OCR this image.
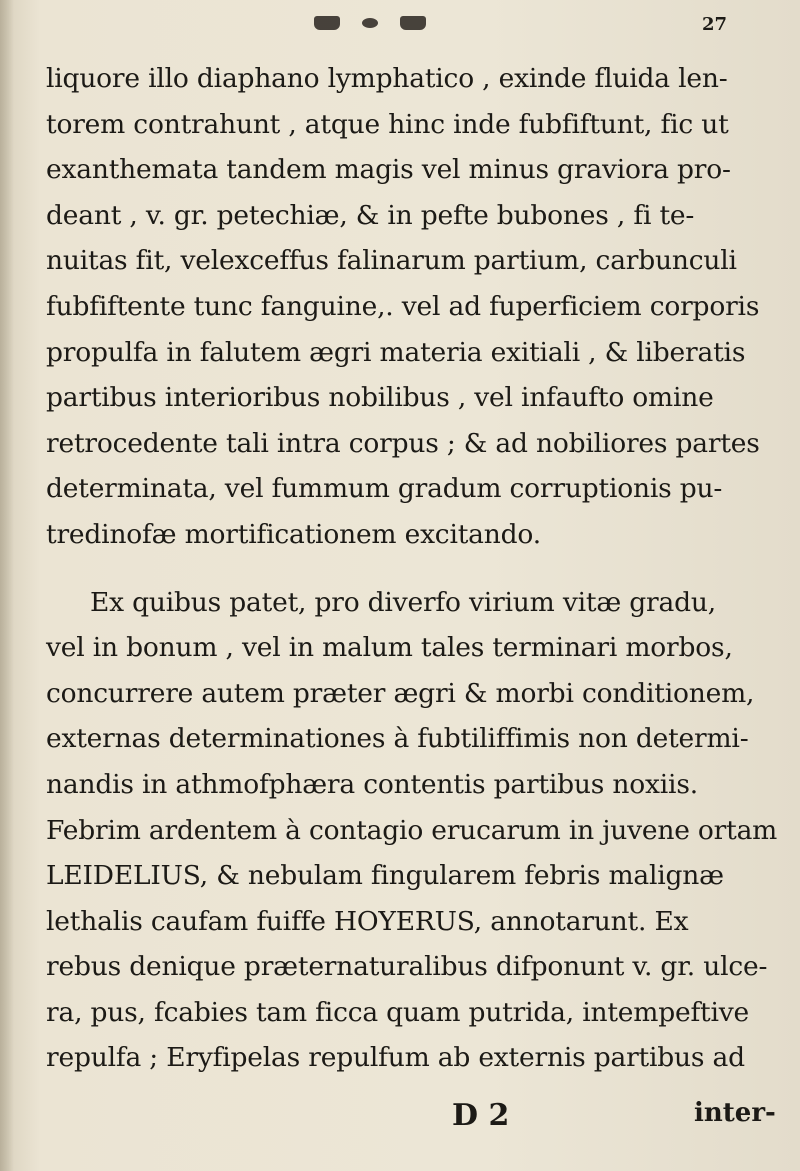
27
liquore illo diaphano lymphatico , exinde fluida len-
torem contrahunt , atque hinc inde fubfiftunt, fic ut
exanthemata tandem magis vel minus graviora pro-
deant , v. gr. petechiæ, & in pefte bubones , fi te-
nuitas fit, velexceffus falinarum partium, carbunculi
fubfiftente tunc fanguine,. vel ad fuperficiem corporis
propulfa in falutem ægri materia exitiali , & liberatis
partibus interioribus nobilibus , vel infaufto omine
retrocedente tali intra corpus ; & ad nobiliores partes
determinata, vel fummum gradum corruptionis pu-
tredinofæ mortificationem excitando.
Ex quibus patet, pro diverfo virium vitæ gradu,
vel in bonum , vel in malum tales terminari morbos,
concurrere autem præter ægri & morbi conditionem,
externas determinationes à fubtiliffimis non determi-
nandis in athmofphæra contentis partibus noxiis.
Febrim ardentem à contagio erucarum in juvene ortam
LEIDELIUS, & nebulam fingularem febris malignæ
lethalis caufam fuiffe HOYERUS, annotarunt. Ex
rebus denique præternaturalibus difponunt v. gr. ulce-
ra, pus, fcabies tam ficca quam putrida, intempeftive
repulfa ; Eryfipelas repulfum ab externis partibus ad
D 2	inter-
